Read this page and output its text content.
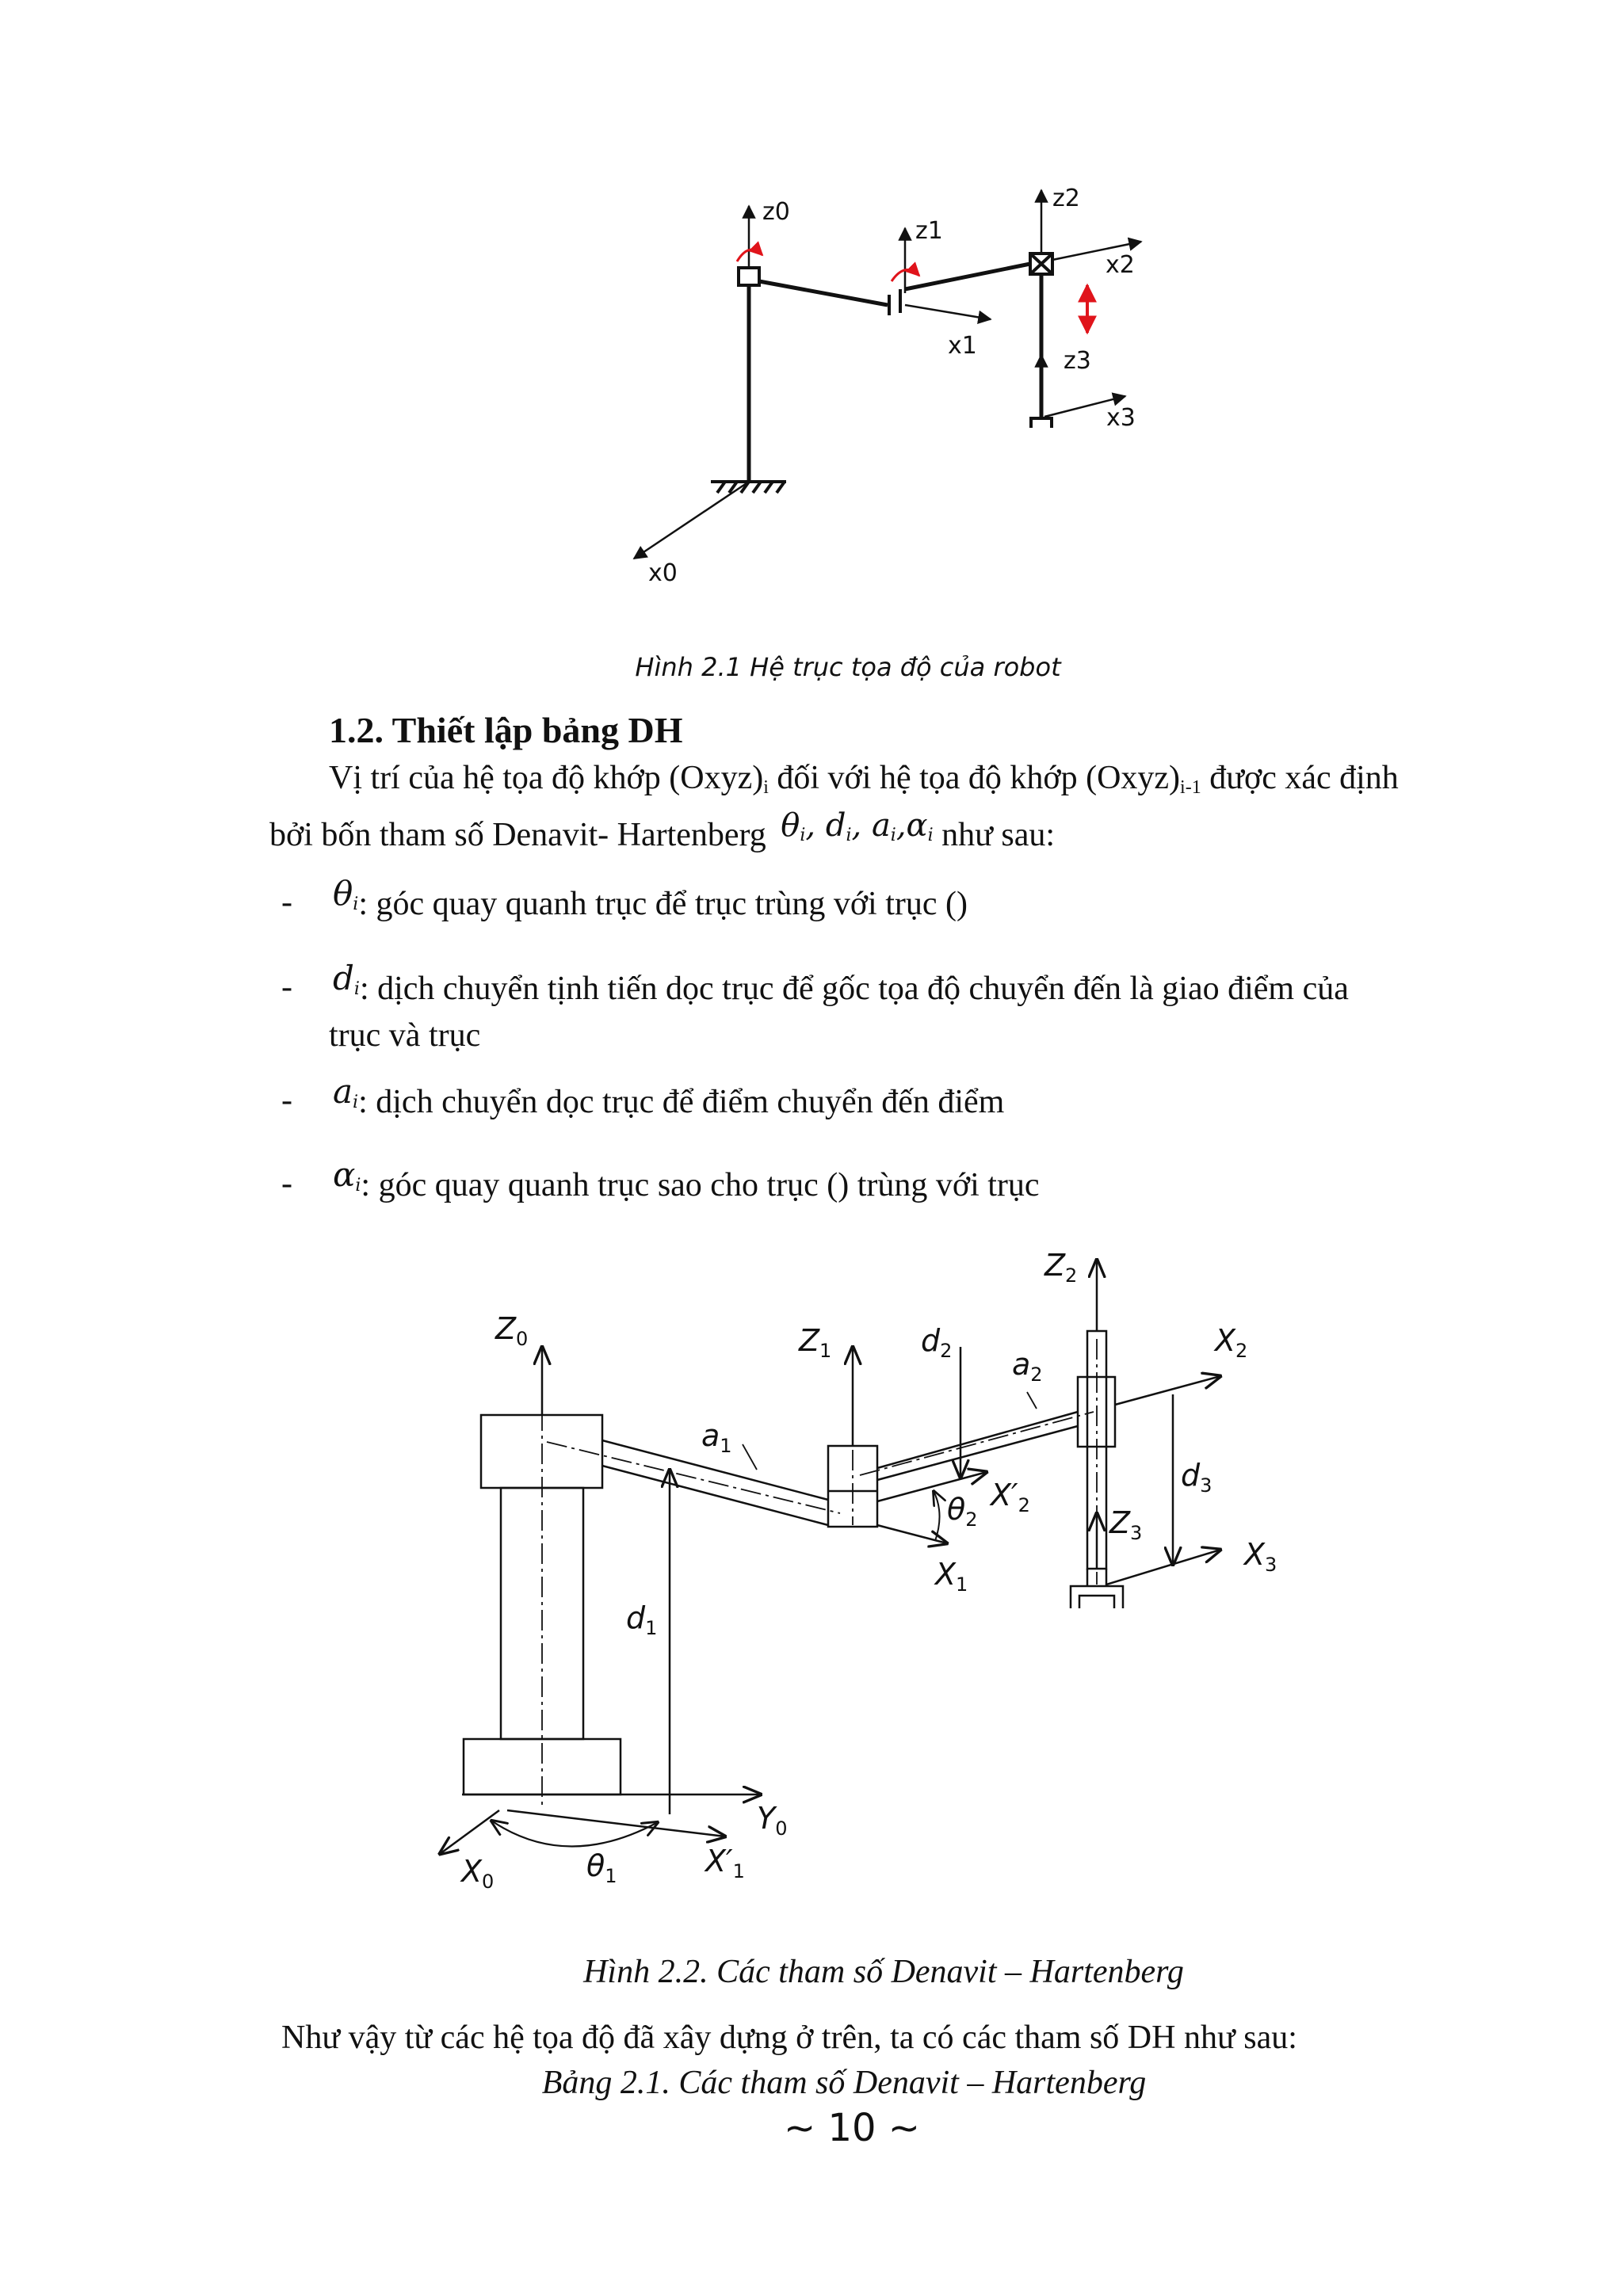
z0
z1
z2
z3
x0
x1
x2
x3
Hình 2.1 Hệ trục tọa độ của robot
1.2. Thiết lập bảng DH
Vị trí của hệ tọa độ khớp $(Oxyz)_i$ đối với hệ tọa độ khớp $(Oxyz)_{i-1}$ được xác định
bởi bốn tham số Denavit- Hartenberg $\theta_i$, $d_i$, $a_i,\alpha_i$ như sau:
- $\theta_i$: góc quay quanh trục để trục trùng với trục ()
- $d_i$: dịch chuyển tịnh tiến dọc trục để gốc tọa độ chuyển đến là giao điểm của
trục và trục
- $a_i$: dịch chuyển dọc trục để điểm chuyển đến điểm
- $\alpha_i$: góc quay quanh trục sao cho trục () trùng với trục
$Z_0$	$Z_1$
$Z_2$
$Z_3$
$X_0$
$X_1$
$X_2$
$X_3$
$X'_1$
$X'_2$
$Y_0$
$a_1$
$a_2$
$d_1$
$d_2$
$d_3$
$\theta_1$
$\theta_2$
Hình 2.2. Các tham số Denavit – Hartenberg
Như vậy từ các hệ tọa độ đã xây dựng ở trên, ta có các tham số DH như sau:
Bảng 2.1. Các tham số Denavit – Hartenberg
~ 10 ~
